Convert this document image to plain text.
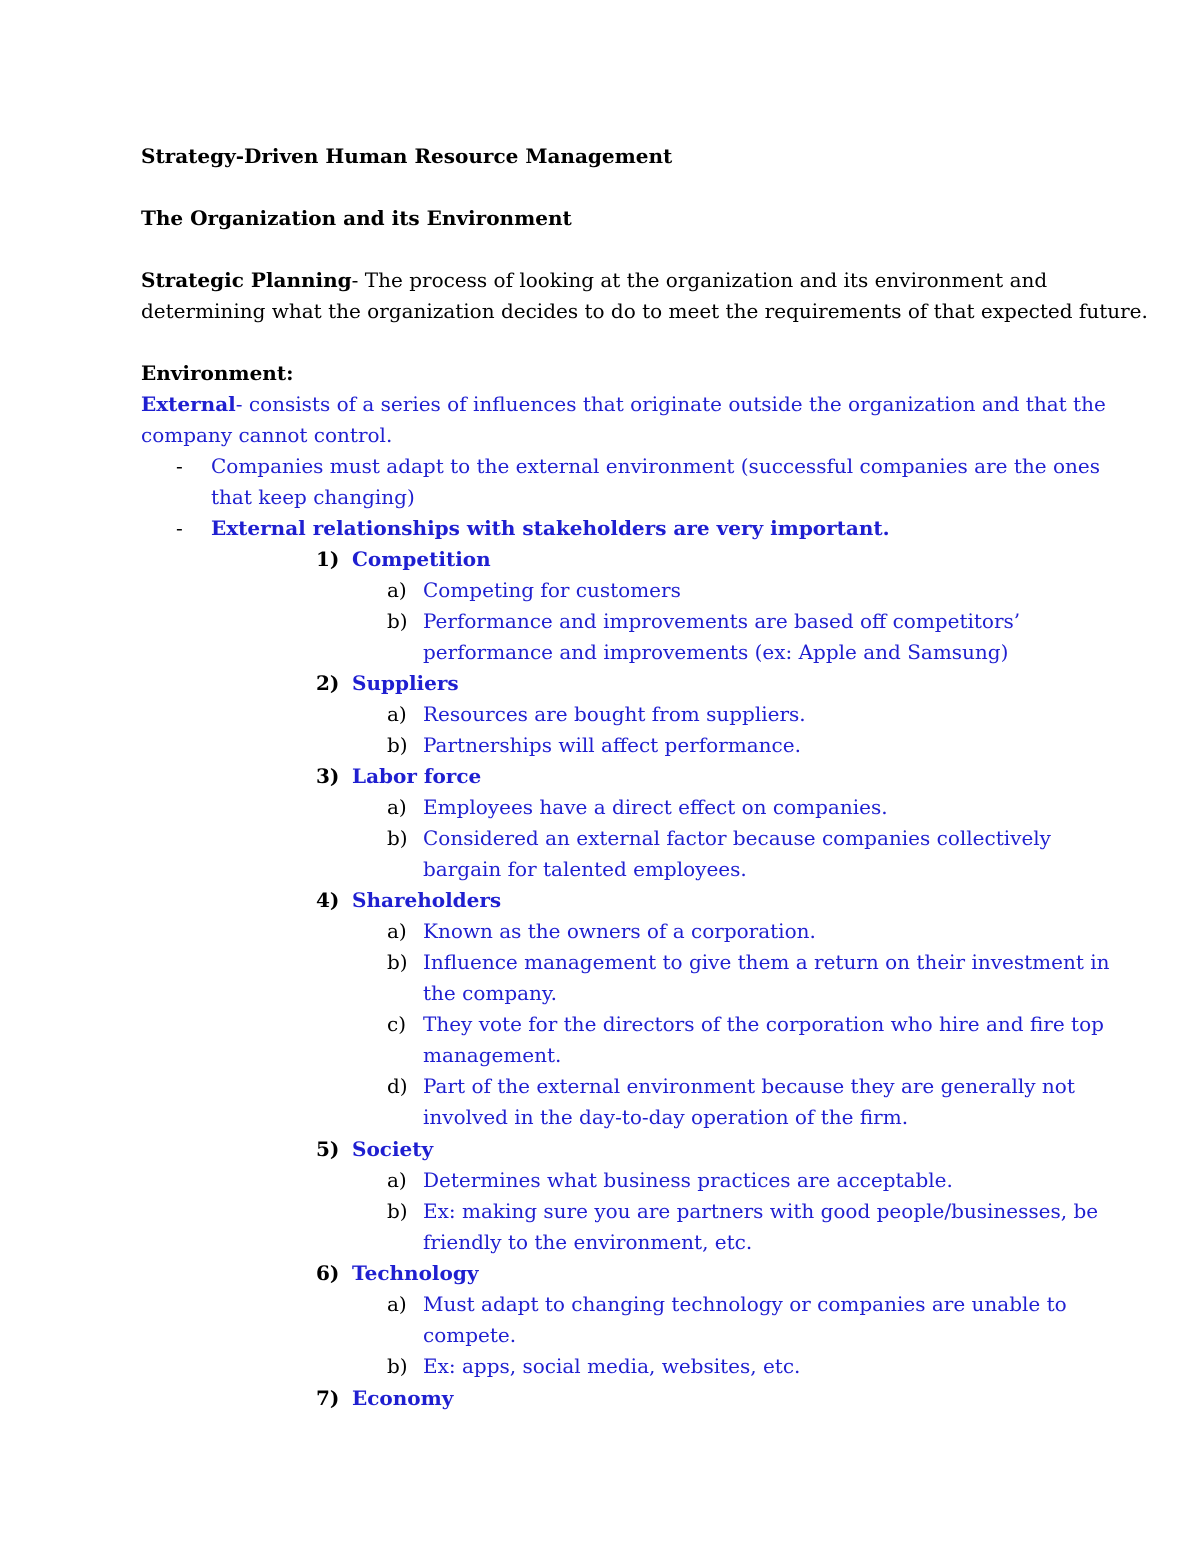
Strategy-Driven Human Resource Management
The Organization and its Environment
Strategic Planning- The process of looking at the organization and its environment and
determining what the organization decides to do to meet the requirements of that expected future.
Environment:
External- consists of a series of influences that originate outside the organization and that the
company cannot control.
- Companies must adapt to the external environment (successful companies are the ones
that keep changing)
- External relationships with stakeholders are very important.
1) Competition
a) Competing for customers
b) Performance and improvements are based off competitors’
performance and improvements (ex: Apple and Samsung)
2) Suppliers
a) Resources are bought from suppliers.
b) Partnerships will affect performance.
3) Labor force
a) Employees have a direct effect on companies.
b) Considered an external factor because companies collectively
bargain for talented employees.
4) Shareholders
a) Known as the owners of a corporation.
b) Influence management to give them a return on their investment in
the company.
c) They vote for the directors of the corporation who hire and fire top
management.
d) Part of the external environment because they are generally not
involved in the day-to-day operation of the firm.
5) Society
a) Determines what business practices are acceptable.
b) Ex: making sure you are partners with good people/businesses, be
friendly to the environment, etc.
6) Technology
a) Must adapt to changing technology or companies are unable to
compete.
b) Ex: apps, social media, websites, etc.
7) Economy
